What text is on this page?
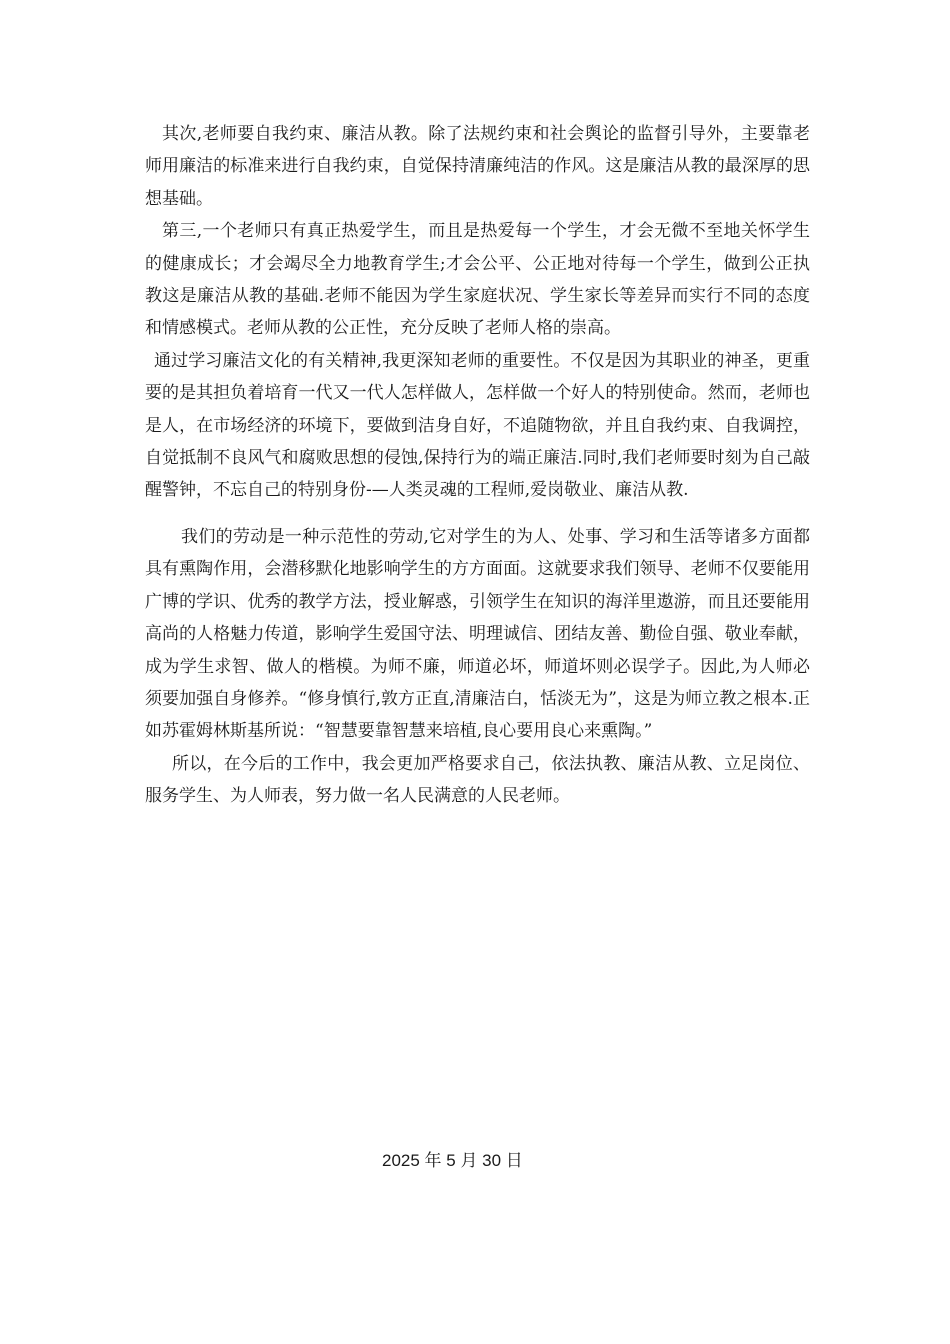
其次,老师要自我约束、廉洁从教。除了法规约束和社会舆论的监督引导外，主要靠老师用廉洁的标准来进行自我约束，自觉保持清廉纯洁的作风。这是廉洁从教的最深厚的思想基础。

第三,一个老师只有真正热爱学生，而且是热爱每一个学生，才会无微不至地关怀学生的健康成长；才会竭尽全力地教育学生;才会公平、公正地对待每一个学生，做到公正执教这是廉洁从教的基础.老师不能因为学生家庭状况、学生家长等差异而实行不同的态度和情感模式。老师从教的公正性，充分反映了老师人格的崇高。

通过学习廉洁文化的有关精神,我更深知老师的重要性。不仅是因为其职业的神圣，更重要的是其担负着培育一代又一代人怎样做人，怎样做一个好人的特别使命。然而，老师也是人，在市场经济的环境下，要做到洁身自好，不追随物欲，并且自我约束、自我调控，自觉抵制不良风气和腐败思想的侵蚀,保持行为的端正廉洁.同时,我们老师要时刻为自己敲醒警钟，不忘自己的特别身份-—人类灵魂的工程师,爱岗敬业、廉洁从教.

我们的劳动是一种示范性的劳动,它对学生的为人、处事、学习和生活等诸多方面都具有熏陶作用，会潜移默化地影响学生的方方面面。这就要求我们领导、老师不仅要能用广博的学识、优秀的教学方法，授业解惑，引领学生在知识的海洋里遨游，而且还要能用高尚的人格魅力传道，影响学生爱国守法、明理诚信、团结友善、勤俭自强、敬业奉献，成为学生求智、做人的楷模。为师不廉，师道必坏，师道坏则必误学子。因此,为人师必须要加强自身修养。“修身慎行,敦方正直,清廉洁白，恬淡无为”，这是为师立教之根本.正如苏霍姆林斯基所说：“智慧要靠智慧来培植,良心要用良心来熏陶。”

所以，在今后的工作中，我会更加严格要求自己，依法执教、廉洁从教、立足岗位、服务学生、为人师表，努力做一名人民满意的人民老师。

2025 年 5 月 30 日
